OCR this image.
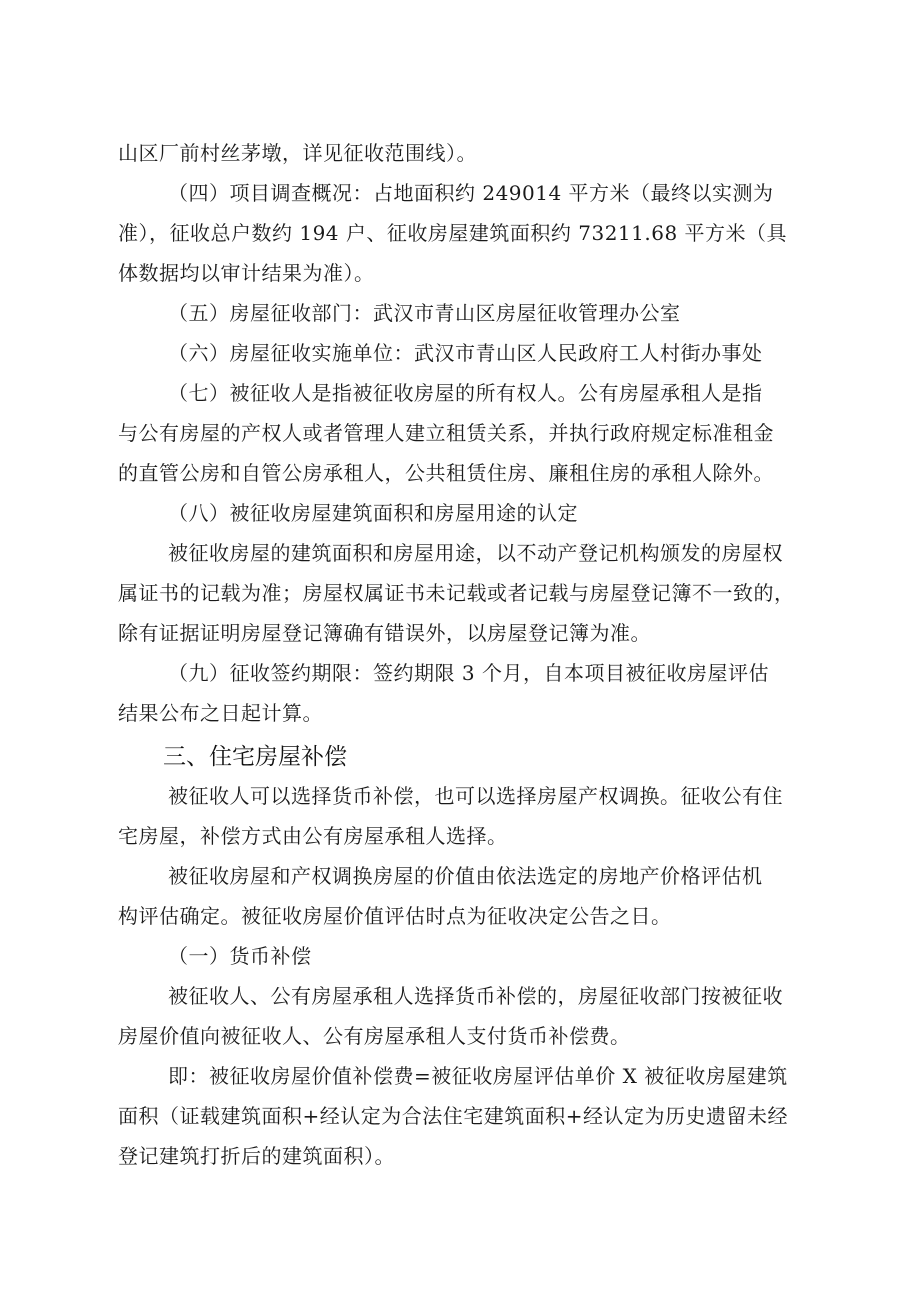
山区厂前村丝茅墩，详见征收范围线）。
（四）项目调查概况：占地面积约 249014 平方米（最终以实测为
准），征收总户数约 194 户、征收房屋建筑面积约 73211.68 平方米（具
体数据均以审计结果为准）。
（五）房屋征收部门：武汉市青山区房屋征收管理办公室
（六）房屋征收实施单位：武汉市青山区人民政府工人村街办事处
（七）被征收人是指被征收房屋的所有权人。公有房屋承租人是指
与公有房屋的产权人或者管理人建立租赁关系，并执行政府规定标准租金
的直管公房和自管公房承租人，公共租赁住房、廉租住房的承租人除外。
（八）被征收房屋建筑面积和房屋用途的认定
被征收房屋的建筑面积和房屋用途，以不动产登记机构颁发的房屋权
属证书的记载为准；房屋权属证书未记载或者记载与房屋登记簿不一致的，
除有证据证明房屋登记簿确有错误外，以房屋登记簿为准。
（九）征收签约期限：签约期限 3 个月，自本项目被征收房屋评估
结果公布之日起计算。
三、住宅房屋补偿
被征收人可以选择货币补偿，也可以选择房屋产权调换。征收公有住
宅房屋，补偿方式由公有房屋承租人选择。
被征收房屋和产权调换房屋的价值由依法选定的房地产价格评估机
构评估确定。被征收房屋价值评估时点为征收决定公告之日。
（一）货币补偿
被征收人、公有房屋承租人选择货币补偿的，房屋征收部门按被征收
房屋价值向被征收人、公有房屋承租人支付货币补偿费。
即：被征收房屋价值补偿费=被征收房屋评估单价 X 被征收房屋建筑
面积（证载建筑面积+经认定为合法住宅建筑面积+经认定为历史遗留未经
登记建筑打折后的建筑面积）。
